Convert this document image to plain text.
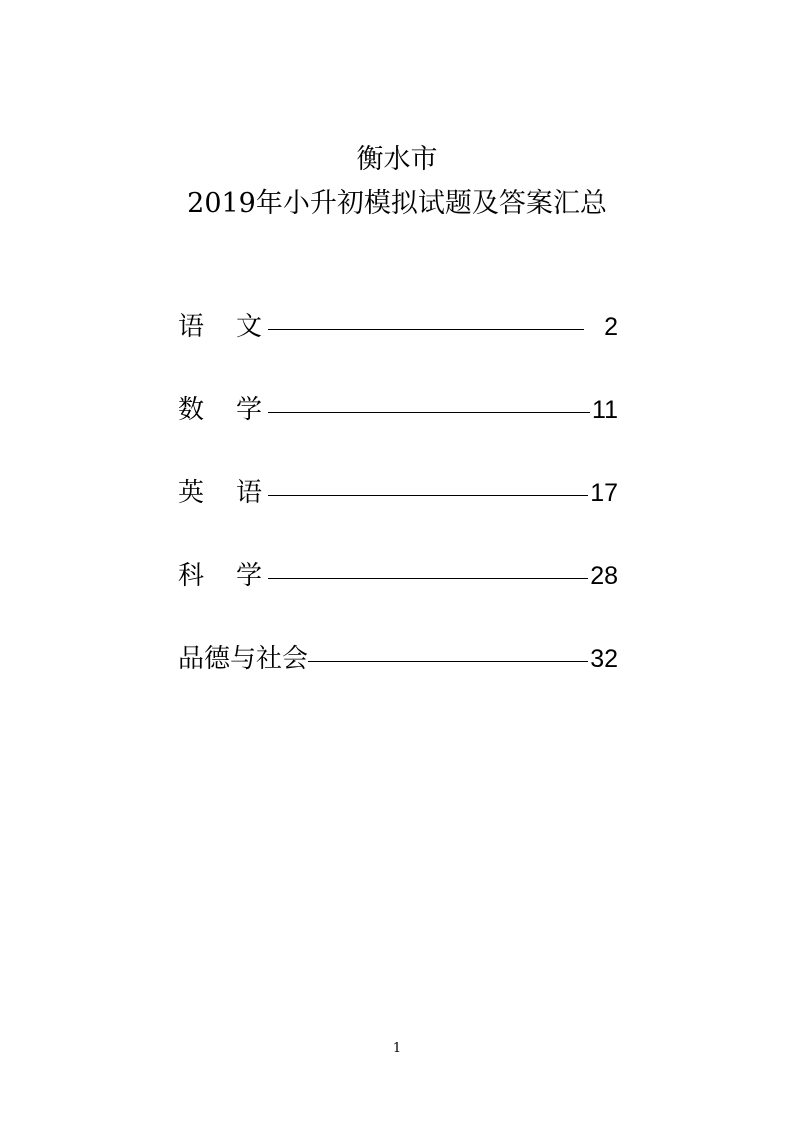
衡水市
2019年小升初模拟试题及答案汇总
语 文	2
数 学	11
英 语	17
科 学	28
品德与社会	32
1
